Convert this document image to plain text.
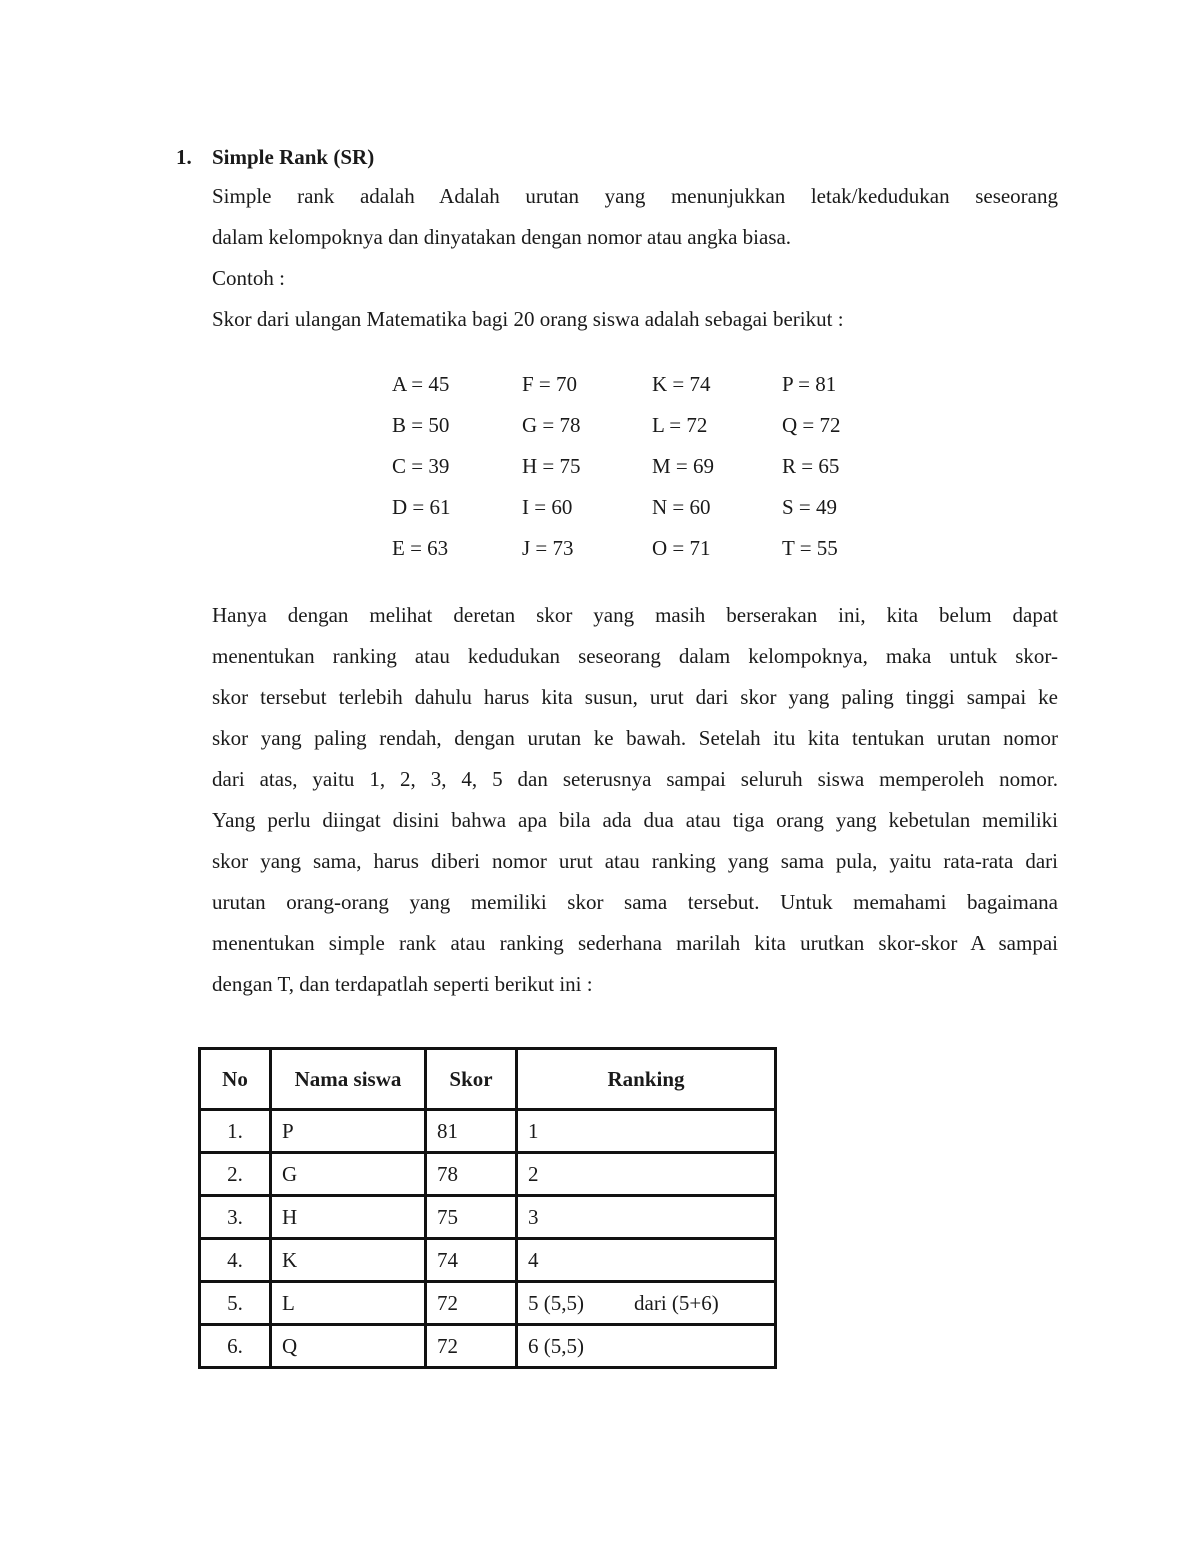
1. Simple Rank (SR)
Simple rank adalah Adalah urutan yang menunjukkan letak/kedudukan seseorang
dalam kelompoknya dan dinyatakan dengan nomor atau angka biasa.
Contoh :
Skor dari ulangan Matematika bagi 20 orang siswa adalah sebagai berikut :
A = 45	F = 70	K = 74	P = 81
B = 50	G = 78	L = 72	Q = 72
C = 39	H = 75	M = 69	R = 65
D = 61	I = 60	N = 60	S = 49
E = 63	J = 73	O = 71	T = 55
Hanya dengan melihat deretan skor yang masih berserakan ini, kita belum dapat
menentukan ranking atau kedudukan seseorang dalam kelompoknya, maka untuk skor-
skor tersebut terlebih dahulu harus kita susun, urut dari skor yang paling tinggi sampai ke
skor yang paling rendah, dengan urutan ke bawah. Setelah itu kita tentukan urutan nomor
dari atas, yaitu 1, 2, 3, 4, 5 dan seterusnya sampai seluruh siswa memperoleh nomor.
Yang perlu diingat disini bahwa apa bila ada dua atau tiga orang yang kebetulan memiliki
skor yang sama, harus diberi nomor urut atau ranking yang sama pula, yaitu rata-rata dari
urutan orang-orang yang memiliki skor sama tersebut. Untuk memahami bagaimana
menentukan simple rank atau ranking sederhana marilah kita urutkan skor-skor A sampai
dengan T, dan terdapatlah seperti berikut ini :
No	Nama siswa	Skor	Ranking
1.	P	81	1
2.	G	78	2
3.	H	75	3
4.	K	74	4
5.	L	72	5 (5,5) dari (5+6)
6.	Q	72	6 (5,5)
